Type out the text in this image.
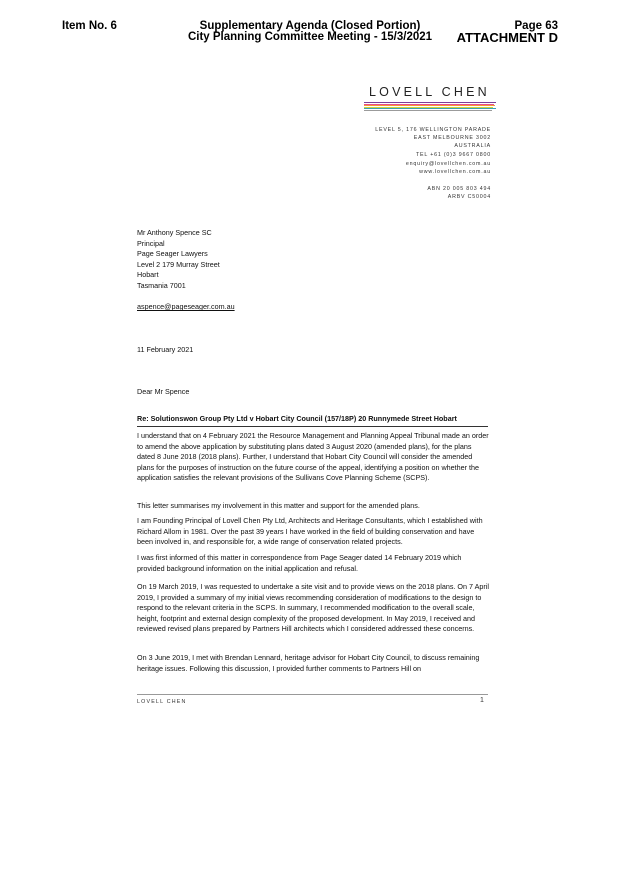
Item No. 6	Supplementary Agenda (Closed Portion)
City Planning Committee Meeting - 15/3/2021
Page 63
ATTACHMENT D
LOVELL CHEN
LEVEL 5, 176 WELLINGTON PARADE
EAST MELBOURNE 3002
AUSTRALIA
TEL +61 (0)3 9667 0800
enquiry@lovellchen.com.au
www.lovellchen.com.au
ABN 20 005 803 494
ARBV C50004
Mr Anthony Spence SC
Principal
Page Seager Lawyers
Level 2 179 Murray Street
Hobart
Tasmania 7001
aspence@pageseager.com.au
11 February 2021
Dear Mr Spence
Re: Solutionswon Group Pty Ltd v Hobart City Council (157/18P) 20 Runnymede Street Hobart
I understand that on 4 February 2021 the Resource Management and Planning Appeal Tribunal made an order to amend the above application by substituting plans dated 3 August 2020 (amended plans), for the plans dated 8 June 2018 (2018 plans). Further, I understand that Hobart City Council will consider the amended plans for the purposes of instruction on the future course of the appeal, identifying a position on whether the application satisfies the relevant provisions of the Sullivans Cove Planning Scheme (SCPS).
This letter summarises my involvement in this matter and support for the amended plans.
I am Founding Principal of Lovell Chen Pty Ltd, Architects and Heritage Consultants, which I established with Richard Allom in 1981. Over the past 39 years I have worked in the field of building conservation and have been involved in, and responsible for, a wide range of conservation related projects.
I was first informed of this matter in correspondence from Page Seager dated 14 February 2019 which provided background information on the initial application and refusal.
On 19 March 2019, I was requested to undertake a site visit and to provide views on the 2018 plans. On 7 April 2019, I provided a summary of my initial views recommending consideration of modifications to the design to respond to the relevant criteria in the SCPS. In summary, I recommended modification to the overall scale, height, footprint and external design complexity of the proposed development. In May 2019, I received and reviewed revised plans prepared by Partners Hill architects which I considered addressed these concerns.
On 3 June 2019, I met with Brendan Lennard, heritage advisor for Hobart City Council, to discuss remaining heritage issues. Following this discussion, I provided further comments to Partners Hill on
LOVELL CHEN	1
